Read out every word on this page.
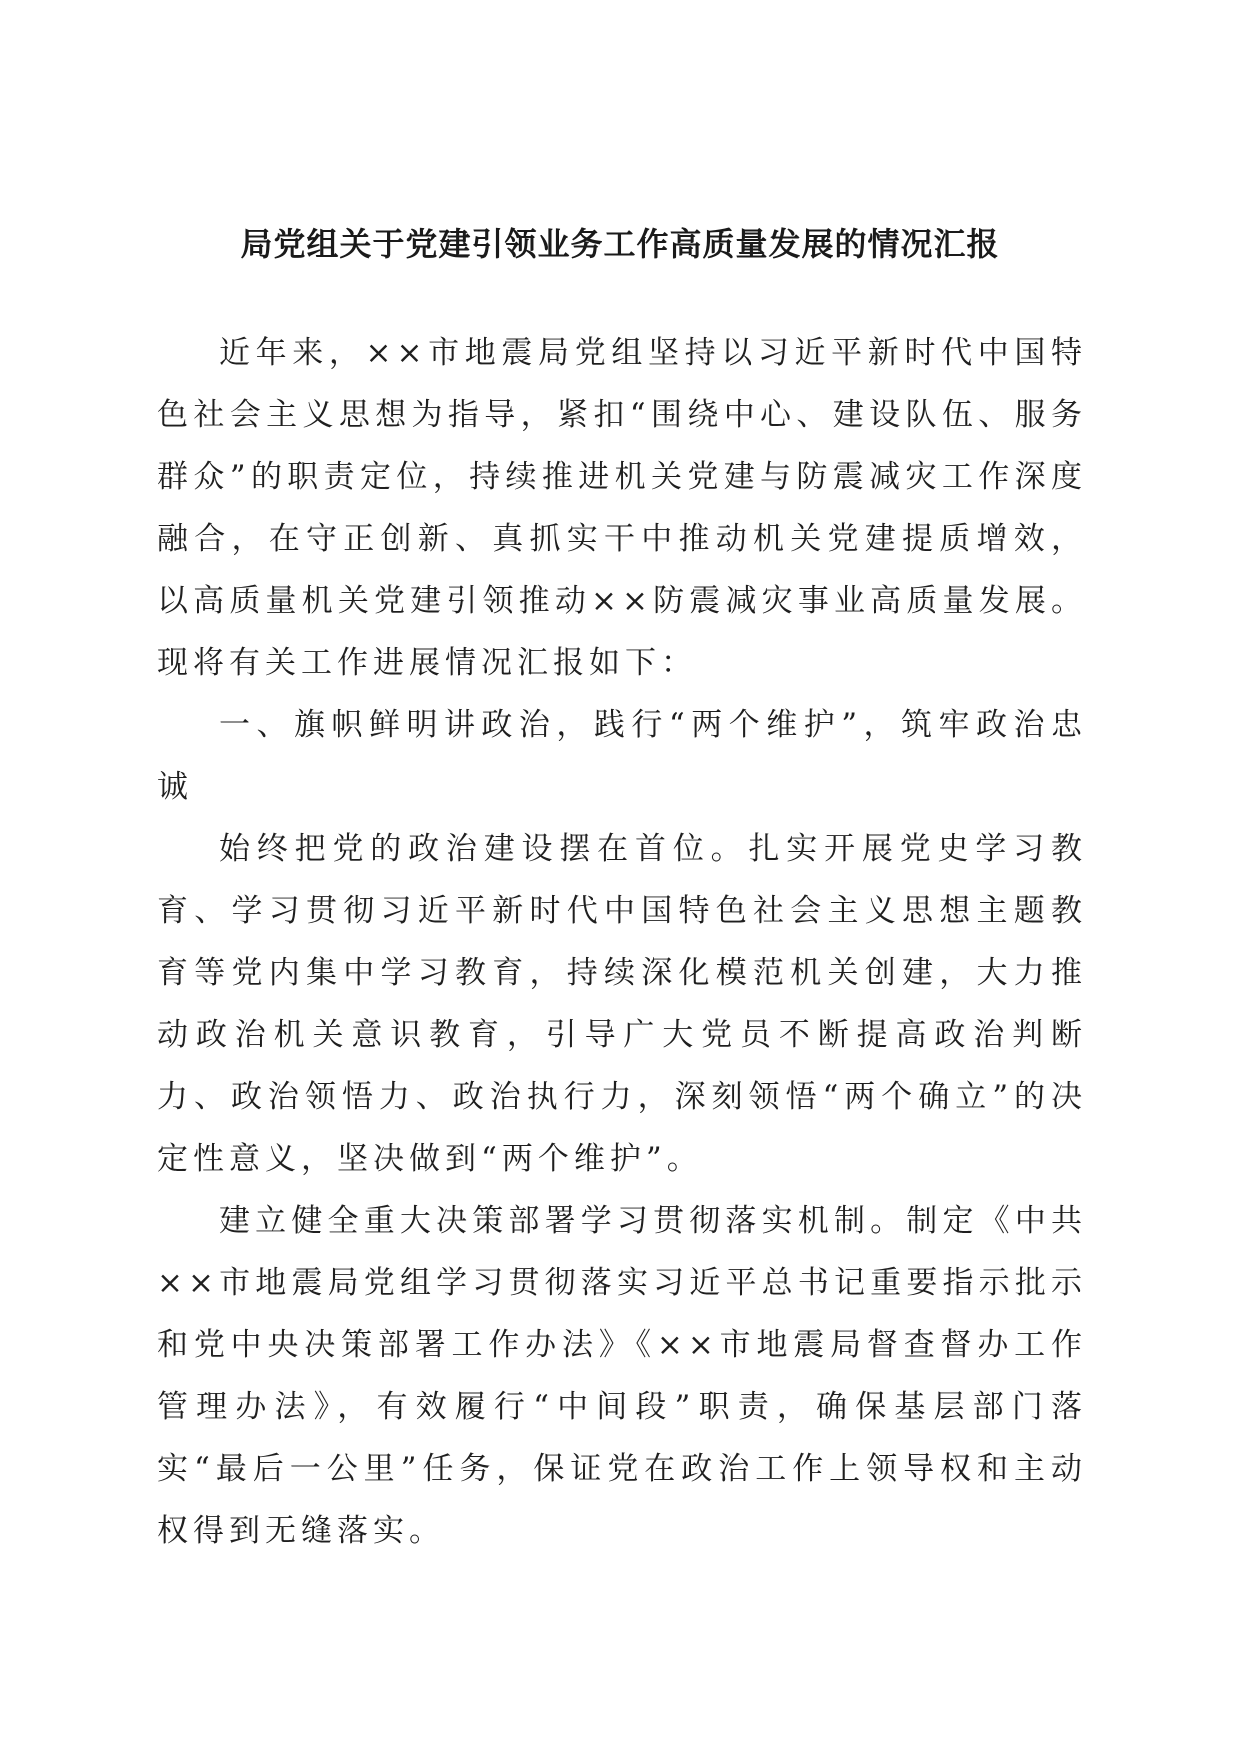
局党组关于党建引领业务工作高质量发展的情况汇报

近年来，××市地震局党组坚持以习近平新时代中国特色社会主义思想为指导，紧扣“围绕中心、建设队伍、服务群众”的职责定位，持续推进机关党建与防震减灾工作深度融合，在守正创新、真抓实干中推动机关党建提质增效，以高质量机关党建引领推动××防震减灾事业高质量发展。现将有关工作进展情况汇报如下：

一、旗帜鲜明讲政治，践行“两个维护”，筑牢政治忠诚

始终把党的政治建设摆在首位。扎实开展党史学习教育、学习贯彻习近平新时代中国特色社会主义思想主题教育等党内集中学习教育，持续深化模范机关创建，大力推动政治机关意识教育，引导广大党员不断提高政治判断力、政治领悟力、政治执行力，深刻领悟“两个确立”的决定性意义，坚决做到“两个维护”。

建立健全重大决策部署学习贯彻落实机制。制定《中共××市地震局党组学习贯彻落实习近平总书记重要指示批示和党中央决策部署工作办法》《××市地震局督查督办工作管理办法》，有效履行“中间段”职责，确保基层部门落实“最后一公里”任务，保证党在政治工作上领导权和主动权得到无缝落实。
